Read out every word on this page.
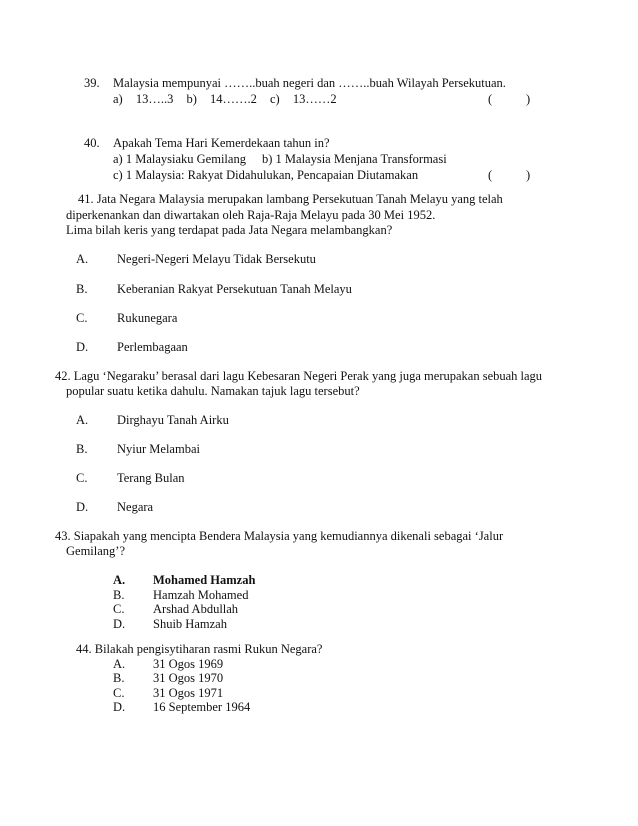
39. Malaysia mempunyai ……..buah negeri dan ……..buah Wilayah Persekutuan.
a) 13…..3 b) 14…….2 c) 13……2	(	)
40. Apakah Tema Hari Kemerdekaan tahun in?
a) 1 Malaysiaku Gemilang b) 1 Malaysia Menjana Transformasi
c) 1 Malaysia: Rakyat Didahulukan, Pencapaian Diutamakan	(	)
41. Jata Negara Malaysia merupakan lambang Persekutuan Tanah Melayu yang telah
diperkenankan dan diwartakan oleh Raja-Raja Melayu pada 30 Mei 1952.
Lima bilah keris yang terdapat pada Jata Negara melambangkan?
A. Negeri-Negeri Melayu Tidak Bersekutu
B. Keberanian Rakyat Persekutuan Tanah Melayu
C. Rukunegara
D. Perlembagaan
42. Lagu ‘Negaraku’ berasal dari lagu Kebesaran Negeri Perak yang juga merupakan sebuah lagu
popular suatu ketika dahulu. Namakan tajuk lagu tersebut?
A. Dirghayu Tanah Airku
B. Nyiur Melambai
C. Terang Bulan
D. Negara
43. Siapakah yang mencipta Bendera Malaysia yang kemudiannya dikenali sebagai ‘Jalur
Gemilang’?
A. Mohamed Hamzah
B. Hamzah Mohamed
C. Arshad Abdullah
D. Shuib Hamzah
44. Bilakah pengisytiharan rasmi Rukun Negara?
A. 31 Ogos 1969
B. 31 Ogos 1970
C. 31 Ogos 1971
D. 16 September 1964
